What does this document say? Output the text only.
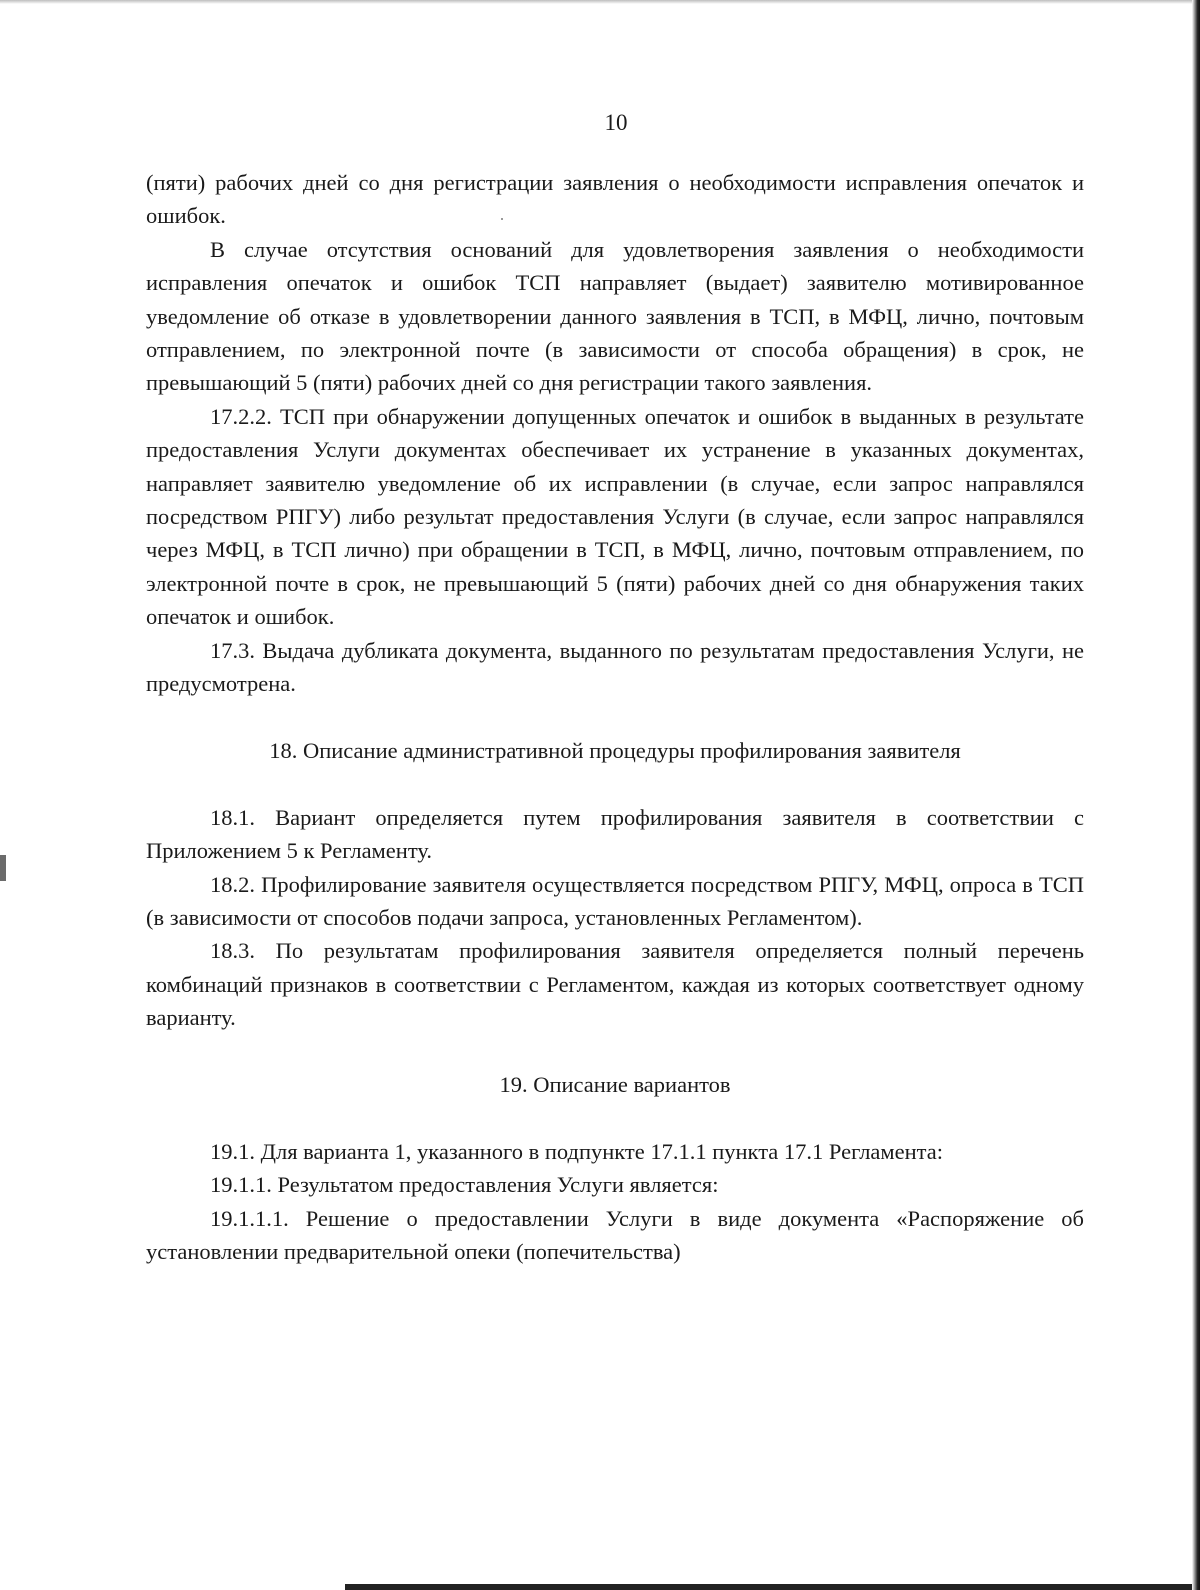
10

(пяти) рабочих дней со дня регистрации заявления о необходимости исправления опечаток и ошибок.

В случае отсутствия оснований для удовлетворения заявления о необходимости исправления опечаток и ошибок ТСП направляет (выдает) заявителю мотивированное уведомление об отказе в удовлетворении данного заявления в ТСП, в МФЦ, лично, почтовым отправлением, по электронной почте (в зависимости от способа обращения) в срок, не превышающий 5 (пяти) рабочих дней со дня регистрации такого заявления.

17.2.2. ТСП при обнаружении допущенных опечаток и ошибок в выданных в результате предоставления Услуги документах обеспечивает их устранение в указанных документах, направляет заявителю уведомление об их исправлении (в случае, если запрос направлялся посредством РПГУ) либо результат предоставления Услуги (в случае, если запрос направлялся через МФЦ, в ТСП лично) при обращении в ТСП, в МФЦ, лично, почтовым отправлением, по электронной почте в срок, не превышающий 5 (пяти) рабочих дней со дня обнаружения таких опечаток и ошибок.

17.3. Выдача дубликата документа, выданного по результатам предоставления Услуги, не предусмотрена.

18. Описание административной процедуры профилирования заявителя

18.1. Вариант определяется путем профилирования заявителя в соответствии с Приложением 5 к Регламенту.

18.2. Профилирование заявителя осуществляется посредством РПГУ, МФЦ, опроса в ТСП (в зависимости от способов подачи запроса, установленных Регламентом).

18.3. По результатам профилирования заявителя определяется полный перечень комбинаций признаков в соответствии с Регламентом, каждая из которых соответствует одному варианту.

19. Описание вариантов

19.1. Для варианта 1, указанного в подпункте 17.1.1 пункта 17.1 Регламента:

19.1.1. Результатом предоставления Услуги является:

19.1.1.1. Решение о предоставлении Услуги в виде документа «Распоряжение об установлении предварительной опеки (попечительства)
